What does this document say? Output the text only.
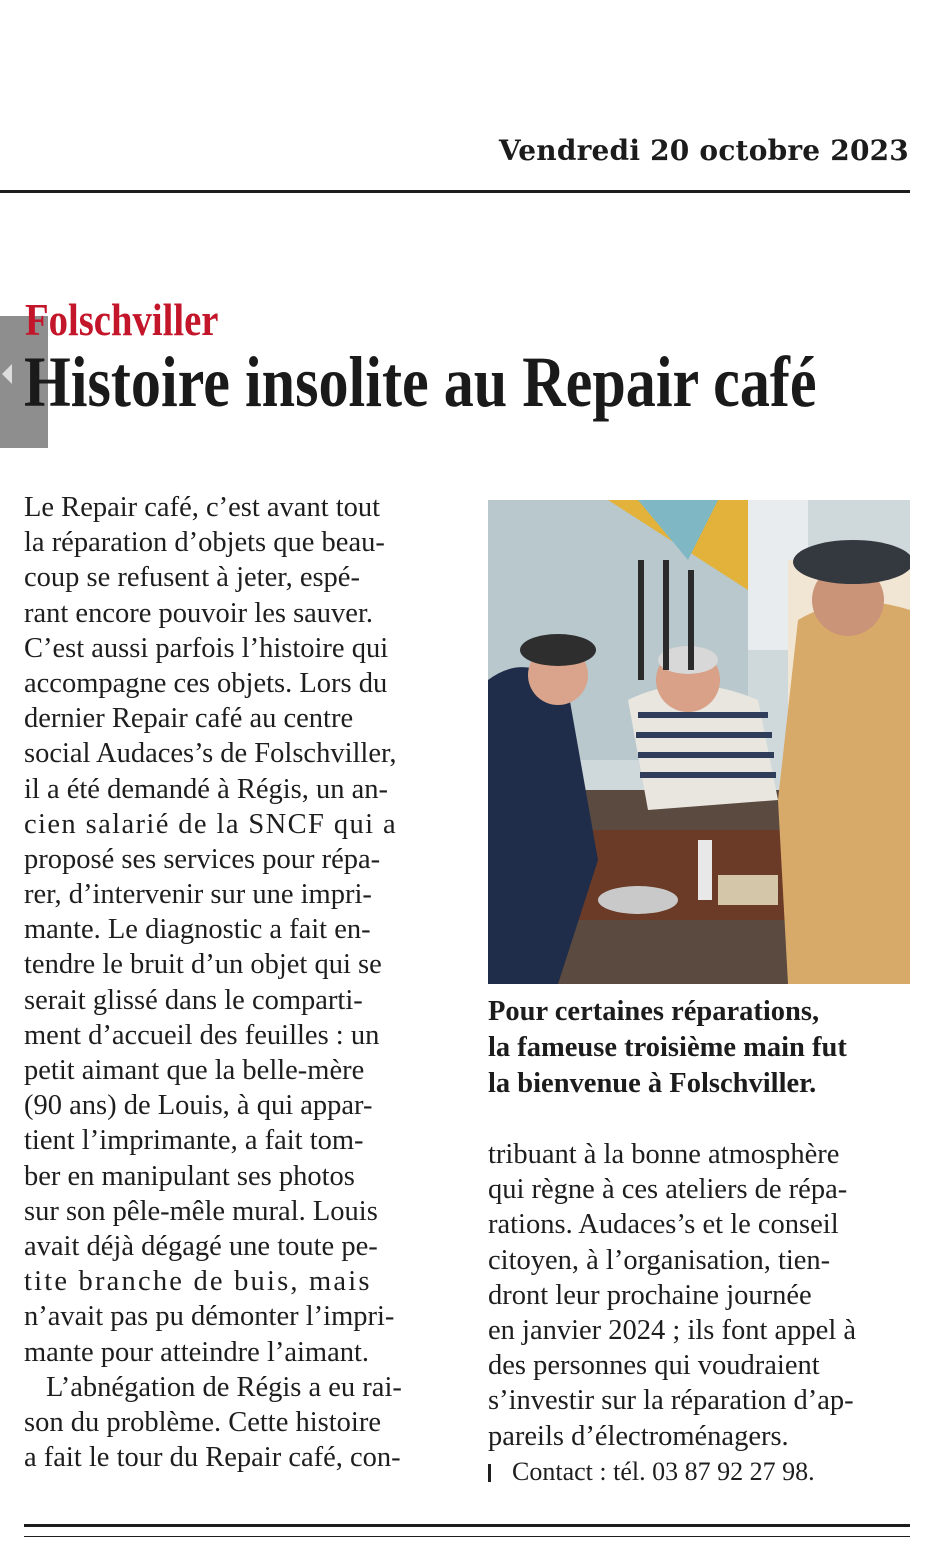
Vendredi 20 octobre 2023
Folschviller
Histoire insolite au Repair café
Le Repair café, c’est avant tout
la réparation d’objets que beau-
coup se refusent à jeter, espé-
rant encore pouvoir les sauver.
C’est aussi parfois l’histoire qui
accompagne ces objets. Lors du
dernier Repair café au centre
social Audaces’s de Folschviller,
il a été demandé à Régis, un an-
cien salarié de la SNCF qui a
proposé ses services pour répa-
rer, d’intervenir sur une impri-
mante. Le diagnostic a fait en-
tendre le bruit d’un objet qui se
serait glissé dans le comparti-
ment d’accueil des feuilles : un
petit aimant que la belle-mère
(90 ans) de Louis, à qui appar-
tient l’imprimante, a fait tom-
ber en manipulant ses photos
sur son pêle-mêle mural. Louis
avait déjà dégagé une toute pe-
tite branche de buis, mais
n’avait pas pu démonter l’impri-
mante pour atteindre l’aimant.
L’abnégation de Régis a eu rai-
son du problème. Cette histoire
a fait le tour du Repair café, con-
Pour certaines réparations,
la fameuse troisième main fut
la bienvenue à Folschviller.
tribuant à la bonne atmosphère
qui règne à ces ateliers de répa-
rations. Audaces’s et le conseil
citoyen, à l’organisation, tien-
dront leur prochaine journée
en janvier 2024 ; ils font appel à
des personnes qui voudraient
s’investir sur la réparation d’ap-
pareils d’électroménagers.
Contact : tél. 03 87 92 27 98.
